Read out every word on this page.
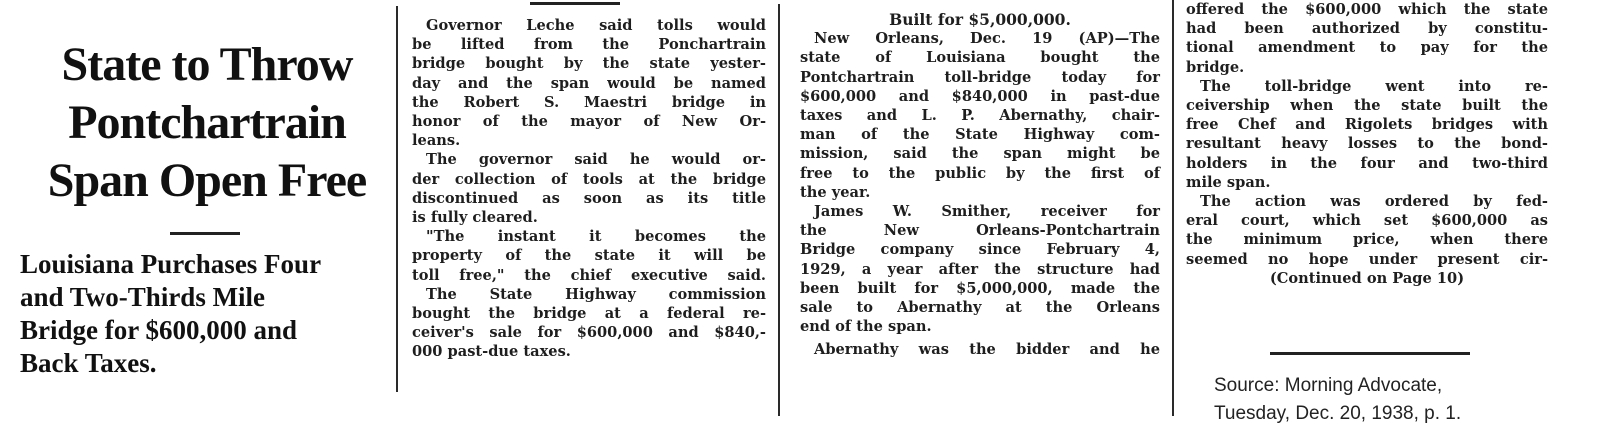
State to Throw
Pontchartrain
Span Open Free
Louisiana Purchases Four
and Two-Thirds Mile
Bridge for $600,000 and
Back Taxes.
Governor Leche said tolls would
be lifted from the Ponchartrain
bridge bought by the state yester-
day and the span would be named
the Robert S. Maestri bridge in
honor of the mayor of New Or-
leans.
The governor said he would or-
der collection of tools at the bridge
discontinued as soon as its title
is fully cleared.
"The instant it becomes the
property of the state it will be
toll free," the chief executive said.
The State Highway commission
bought the bridge at a federal re-
ceiver's sale for $600,000 and $840,-
000 past-due taxes.
Built for $5,000,000.
New Orleans, Dec. 19 (AP)—The
state of Louisiana bought the
Pontchartrain toll-bridge today for
$600,000 and $840,000 in past-due
taxes and L. P. Abernathy, chair-
man of the State Highway com-
mission, said the span might be
free to the public by the first of
the year.
James W. Smither, receiver for
the New Orleans-Pontchartrain
Bridge company since February 4,
1929, a year after the structure had
been built for $5,000,000, made the
sale to Abernathy at the Orleans
end of the span.
Abernathy was the bidder and he
offered the $600,000 which the state
had been authorized by constitu-
tional amendment to pay for the
bridge.
The toll-bridge went into re-
ceivership when the state built the
free Chef and Rigolets bridges with
resultant heavy losses to the bond-
holders in the four and two-third
mile span.
The action was ordered by fed-
eral court, which set $600,000 as
the minimum price, when there
seemed no hope under present cir-
(Continued on Page 10)
Source: Morning Advocate,
Tuesday, Dec. 20, 1938, p. 1.
